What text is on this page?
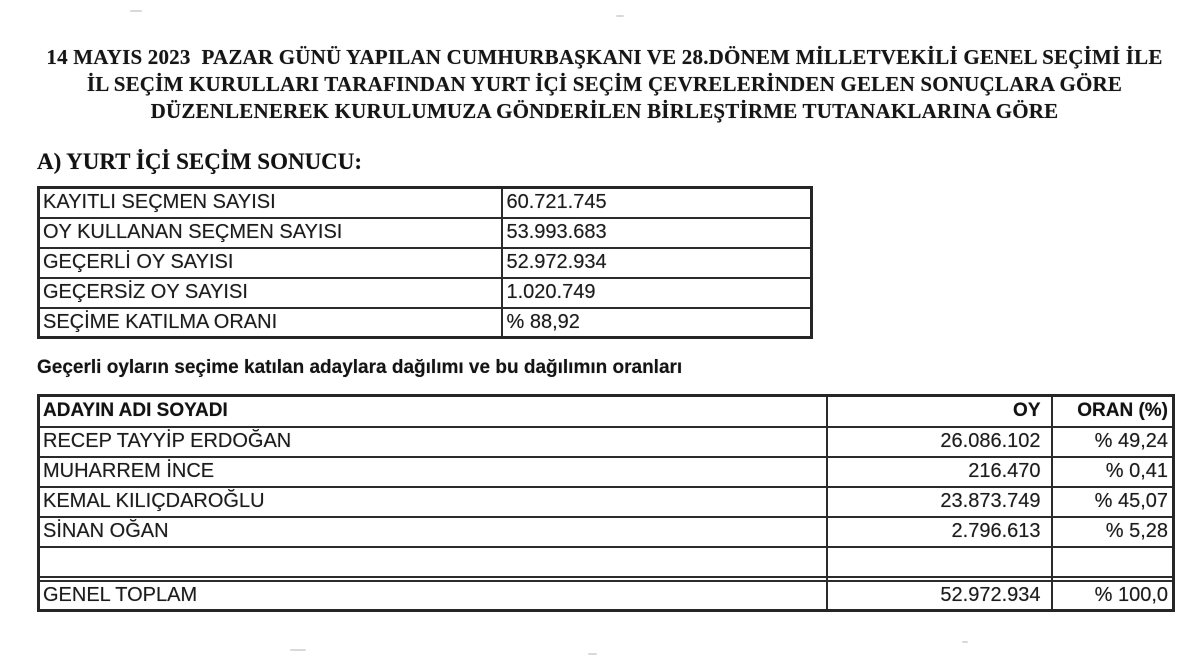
14 MAYIS 2023  PAZAR GÜNÜ YAPILAN CUMHURBAŞKANI VE 28.DÖNEM MİLLETVEKİLİ GENEL SEÇİMİ İLE
İL SEÇİM KURULLARI TARAFINDAN YURT İÇİ SEÇİM ÇEVRELERİNDEN GELEN SONUÇLARA GÖRE
DÜZENLENEREK KURULUMUZA GÖNDERİLEN BİRLEŞTİRME TUTANAKLARINA GÖRE
A) YURT İÇİ SEÇİM SONUCU:
KAYITLI SEÇMEN SAYISI	60.721.745
OY KULLANAN SEÇMEN SAYISI	53.993.683
GEÇERLİ OY SAYISI	52.972.934
GEÇERSİZ OY SAYISI	1.020.749
SEÇİME KATILMA ORANI	% 88,92
Geçerli oyların seçime katılan adaylara dağılımı ve bu dağılımın oranları
ADAYIN ADI SOYADI	OY	ORAN (%)
RECEP TAYYİP ERDOĞAN	26.086.102	% 49,24
MUHARREM İNCE	216.470	% 0,41
KEMAL KILIÇDAROĞLU	23.873.749	% 45,07
SİNAN OĞAN	2.796.613	% 5,28

GENEL TOPLAM	52.972.934	% 100,0
